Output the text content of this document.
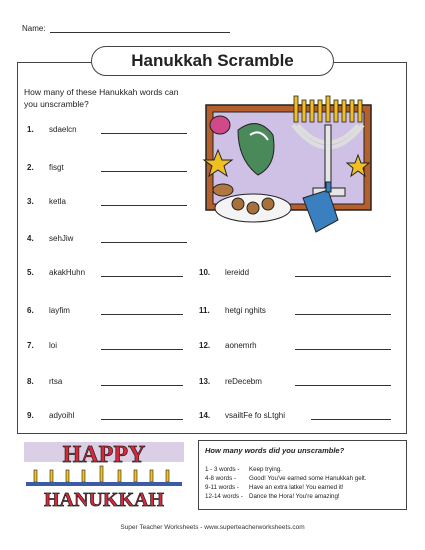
Name:
Hanukkah Scramble
How many of these Hanukkah words can you unscramble?
1.	sdaelcn
2.	fisgt
3.	ketla
4.	sehJiw
5.	akakHuhn
6.	layfim
7.	loi
8.	rtsa
9.	adyoihl
10.	lereidd
11.	hetgi nghits
12.	aonemrh
13.	reDecebm
14.	vsailtFe fo sLtghi
HAPPY
HANUKKAH
How many words did you unscramble?
1 - 3 words - Keep trying.
4-8 words - Good! You've earned some Hanukkah gelt.
9-11 words - Have an extra latke! You earned it!
12-14 words - Dance the Hora! You're amazing!
Super Teacher Worksheets - www.superteacherworksheets.com
